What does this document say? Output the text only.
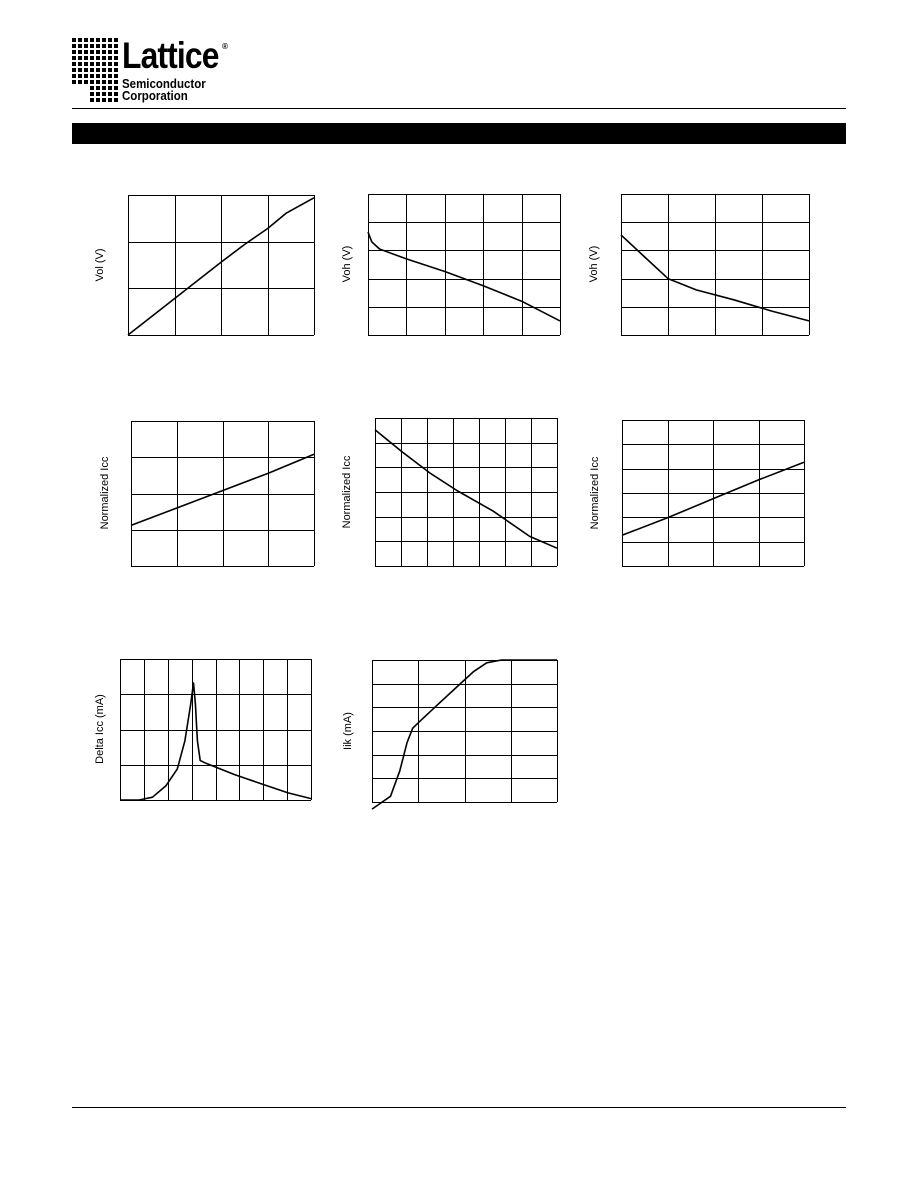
Lattice ®
Semiconductor
Corporation
Vol (V)	Voh (V)	Voh (V)
Normalized Icc	Normalized Icc	Normalized Icc
Delta Icc (mA)	Iik (mA)
